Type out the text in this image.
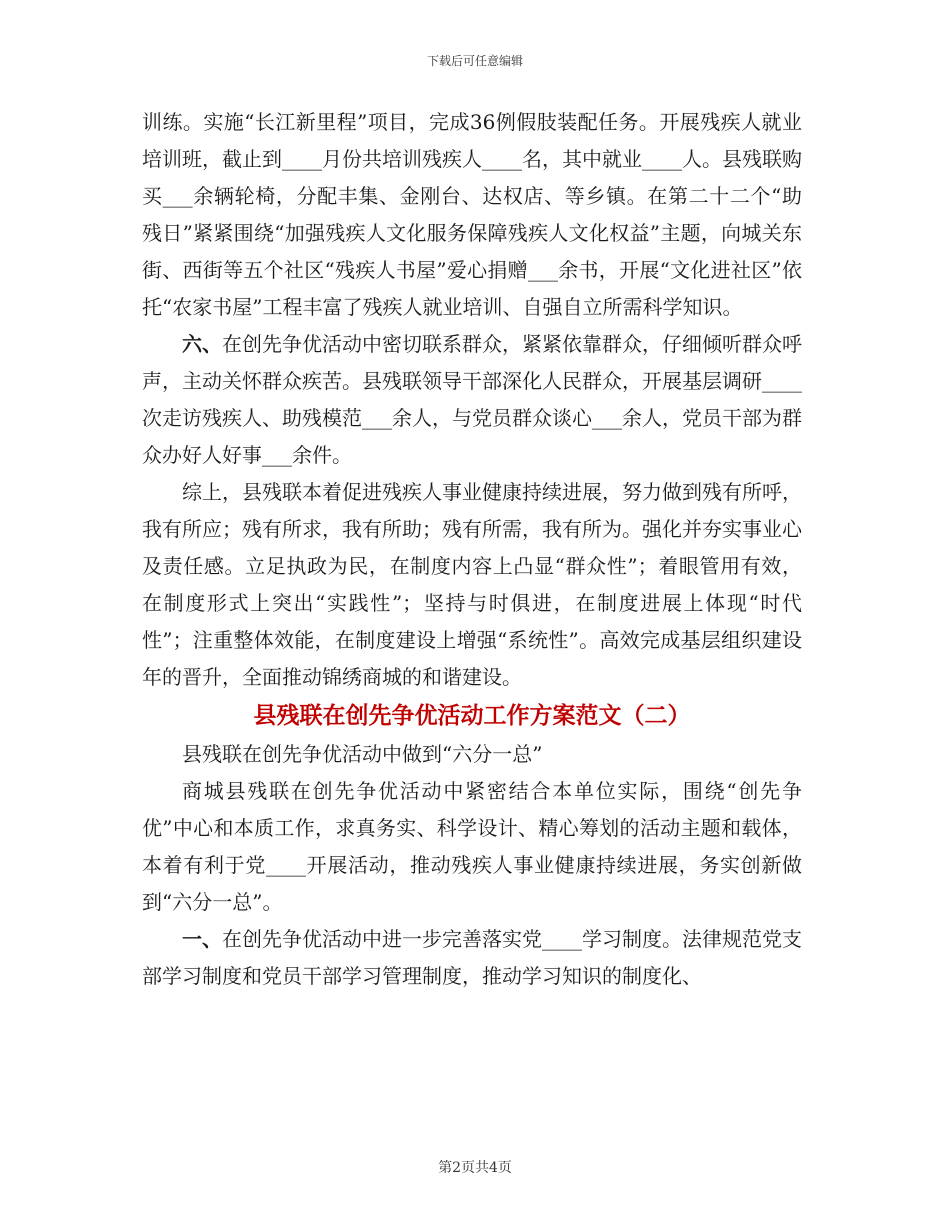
下载后可任意编辑

训练。实施“长江新里程”项目，完成36例假肢装配任务。开展残疾人就业培训班，截止到____月份共培训残疾人____名，其中就业____人。县残联购买___余辆轮椅，分配丰集、金刚台、达权店、等乡镇。在第二十二个“助残日”紧紧围绕“加强残疾人文化服务保障残疾人文化权益”主题，向城关东街、西街等五个社区“残疾人书屋”爱心捐赠___余书，开展“文化进社区”依托“农家书屋”工程丰富了残疾人就业培训、自强自立所需科学知识。

六、在创先争优活动中密切联系群众，紧紧依靠群众，仔细倾听群众呼声，主动关怀群众疾苦。县残联领导干部深化人民群众，开展基层调研____次走访残疾人、助残模范___余人，与党员群众谈心___余人，党员干部为群众办好人好事___余件。

综上，县残联本着促进残疾人事业健康持续进展，努力做到残有所呼，我有所应；残有所求，我有所助；残有所需，我有所为。强化并夯实事业心及责任感。立足执政为民，在制度内容上凸显“群众性”；着眼管用有效，在制度形式上突出“实践性”；坚持与时俱进，在制度进展上体现“时代性”；注重整体效能，在制度建设上增强“系统性”。高效完成基层组织建设年的晋升，全面推动锦绣商城的和谐建设。

县残联在创先争优活动工作方案范文（二）

县残联在创先争优活动中做到“六分一总”

商城县残联在创先争优活动中紧密结合本单位实际，围绕“创先争优”中心和本质工作，求真务实、科学设计、精心筹划的活动主题和载体，本着有利于党____开展活动，推动残疾人事业健康持续进展，务实创新做到“六分一总”。

一、在创先争优活动中进一步完善落实党____学习制度。法律规范党支部学习制度和党员干部学习管理制度，推动学习知识的制度化、

第2页共4页
